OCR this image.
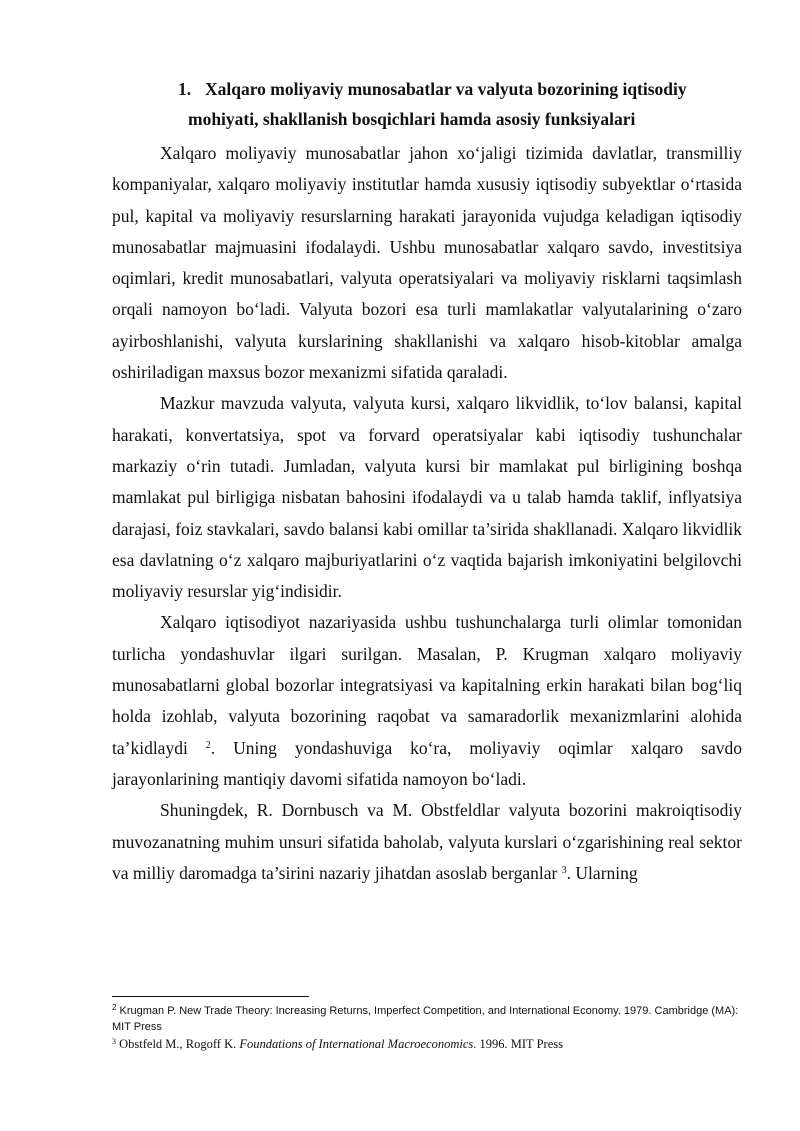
1. Xalqaro moliyaviy munosabatlar va valyuta bozorining iqtisodiy
mohiyati, shakllanish bosqichlari hamda asosiy funksiyalari

Xalqaro moliyaviy munosabatlar jahon xo‘jaligi tizimida davlatlar, transmilliy kompaniyalar, xalqaro moliyaviy institutlar hamda xususiy iqtisodiy subyektlar o‘rtasida pul, kapital va moliyaviy resurslarning harakati jarayonida vujudga keladigan iqtisodiy munosabatlar majmuasini ifodalaydi. Ushbu munosabatlar xalqaro savdo, investitsiya oqimlari, kredit munosabatlari, valyuta operatsiyalari va moliyaviy risklarni taqsimlash orqali namoyon bo‘ladi. Valyuta bozori esa turli mamlakatlar valyutalarining o‘zaro ayirboshlanishi, valyuta kurslarining shakllanishi va xalqaro hisob-kitoblar amalga oshiriladigan maxsus bozor mexanizmi sifatida qaraladi.

Mazkur mavzuda valyuta, valyuta kursi, xalqaro likvidlik, to‘lov balansi, kapital harakati, konvertatsiya, spot va forvard operatsiyalar kabi iqtisodiy tushunchalar markaziy o‘rin tutadi. Jumladan, valyuta kursi bir mamlakat pul birligining boshqa mamlakat pul birligiga nisbatan bahosini ifodalaydi va u talab hamda taklif, inflyatsiya darajasi, foiz stavkalari, savdo balansi kabi omillar ta’sirida shakllanadi. Xalqaro likvidlik esa davlatning o‘z xalqaro majburiyatlarini o‘z vaqtida bajarish imkoniyatini belgilovchi moliyaviy resurslar yig‘indisidir.

Xalqaro iqtisodiyot nazariyasida ushbu tushunchalarga turli olimlar tomonidan turlicha yondashuvlar ilgari surilgan. Masalan, P. Krugman xalqaro moliyaviy munosabatlarni global bozorlar integratsiyasi va kapitalning erkin harakati bilan bog‘liq holda izohlab, valyuta bozorining raqobat va samaradorlik mexanizmlarini alohida ta’kidlaydi $^2$. Uning yondashuviga ko‘ra, moliyaviy oqimlar xalqaro savdo jarayonlarining mantiqiy davomi sifatida namoyon bo‘ladi.

Shuningdek, R. Dornbusch va M. Obstfeldlar valyuta bozorini makroiqtisodiy muvozanatning muhim unsuri sifatida baholab, valyuta kurslari o‘zgarishining real sektor va milliy daromadga ta’sirini nazariy jihatdan asoslab berganlar $^3$. Ularning

$^2$ Krugman P. New Trade Theory: Increasing Returns, Imperfect Competition, and International Economy. 1979. Cambridge (MA): MIT Press

$^3$ Obstfeld M., Rogoff K. Foundations of International Macroeconomics. 1996. MIT Press
